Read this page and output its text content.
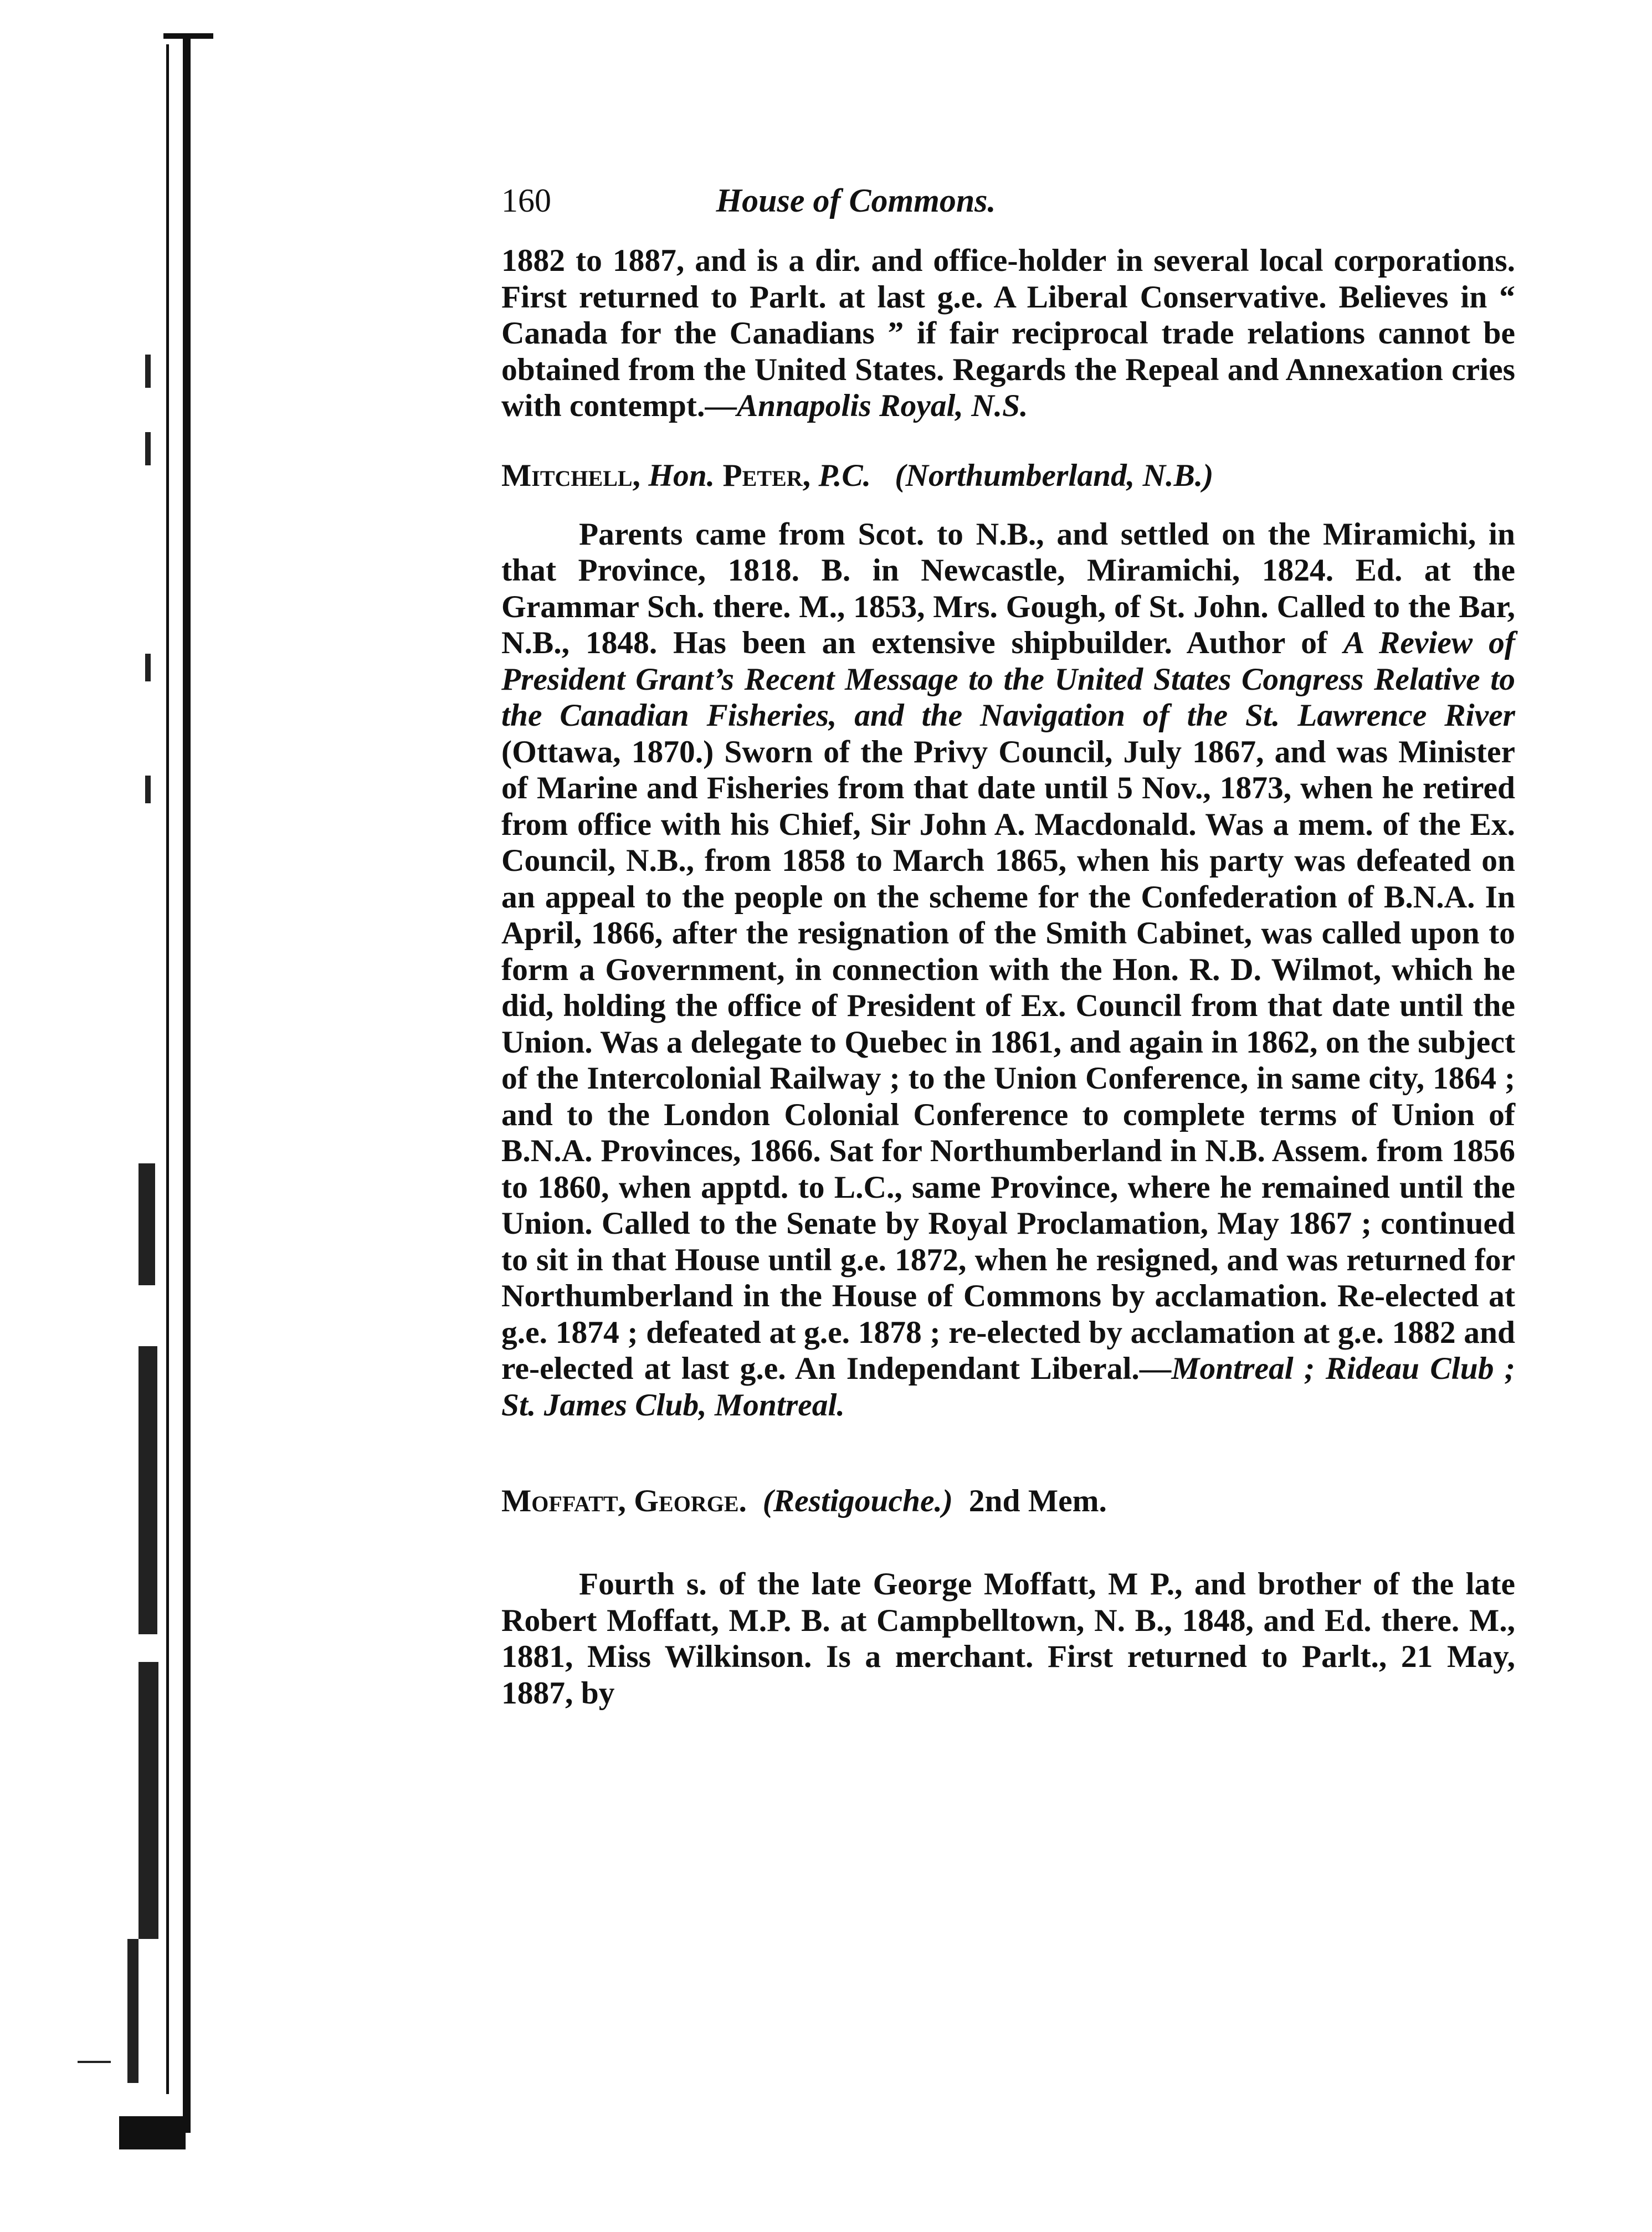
160	House of Commons.

1882 to 1887, and is a dir. and office-holder in several local corporations. First returned to Parlt. at last g.e. A Liberal Conservative. Believes in “ Canada for the Canadians ” if fair reciprocal trade relations cannot be obtained from the United States. Regards the Repeal and Annexation cries with contempt.—Annapolis Royal, N.S.

Mitchell, Hon. Peter, P.C. (Northumberland, N.B.)

Parents came from Scot. to N.B., and settled on the Miramichi, in that Province, 1818. B. in Newcastle, Miramichi, 1824. Ed. at the Grammar Sch. there. M., 1853, Mrs. Gough, of St. John. Called to the Bar, N.B., 1848. Has been an extensive shipbuilder. Author of A Review of President Grant’s Recent Message to the United States Congress Relative to the Canadian Fisheries, and the Navigation of the St. Lawrence River (Ottawa, 1870.) Sworn of the Privy Council, July 1867, and was Minister of Marine and Fisheries from that date until 5 Nov., 1873, when he retired from office with his Chief, Sir John A. Macdonald. Was a mem. of the Ex. Council, N.B., from 1858 to March 1865, when his party was defeated on an appeal to the people on the scheme for the Confederation of B.N.A. In April, 1866, after the resignation of the Smith Cabinet, was called upon to form a Government, in connection with the Hon. R. D. Wilmot, which he did, holding the office of President of Ex. Council from that date until the Union. Was a delegate to Quebec in 1861, and again in 1862, on the subject of the Intercolonial Railway ; to the Union Conference, in same city, 1864 ; and to the London Colonial Conference to complete terms of Union of B.N.A. Provinces, 1866. Sat for Northumberland in N.B. Assem. from 1856 to 1860, when apptd. to L.C., same Province, where he remained until the Union. Called to the Senate by Royal Proclamation, May 1867 ; continued to sit in that House until g.e. 1872, when he resigned, and was returned for Northumberland in the House of Commons by acclamation. Re-elected at g.e. 1874 ; defeated at g.e. 1878 ; re-elected by acclamation at g.e. 1882 and re-elected at last g.e. An Independant Liberal.—Montreal ; Rideau Club ; St. James Club, Montreal.

Moffatt, George. (Restigouche.) 2nd Mem.

Fourth s. of the late George Moffatt, M P., and brother of the late Robert Moffatt, M.P. B. at Campbelltown, N. B., 1848, and Ed. there. M., 1881, Miss Wilkinson. Is a merchant. First returned to Parlt., 21 May, 1887, by
